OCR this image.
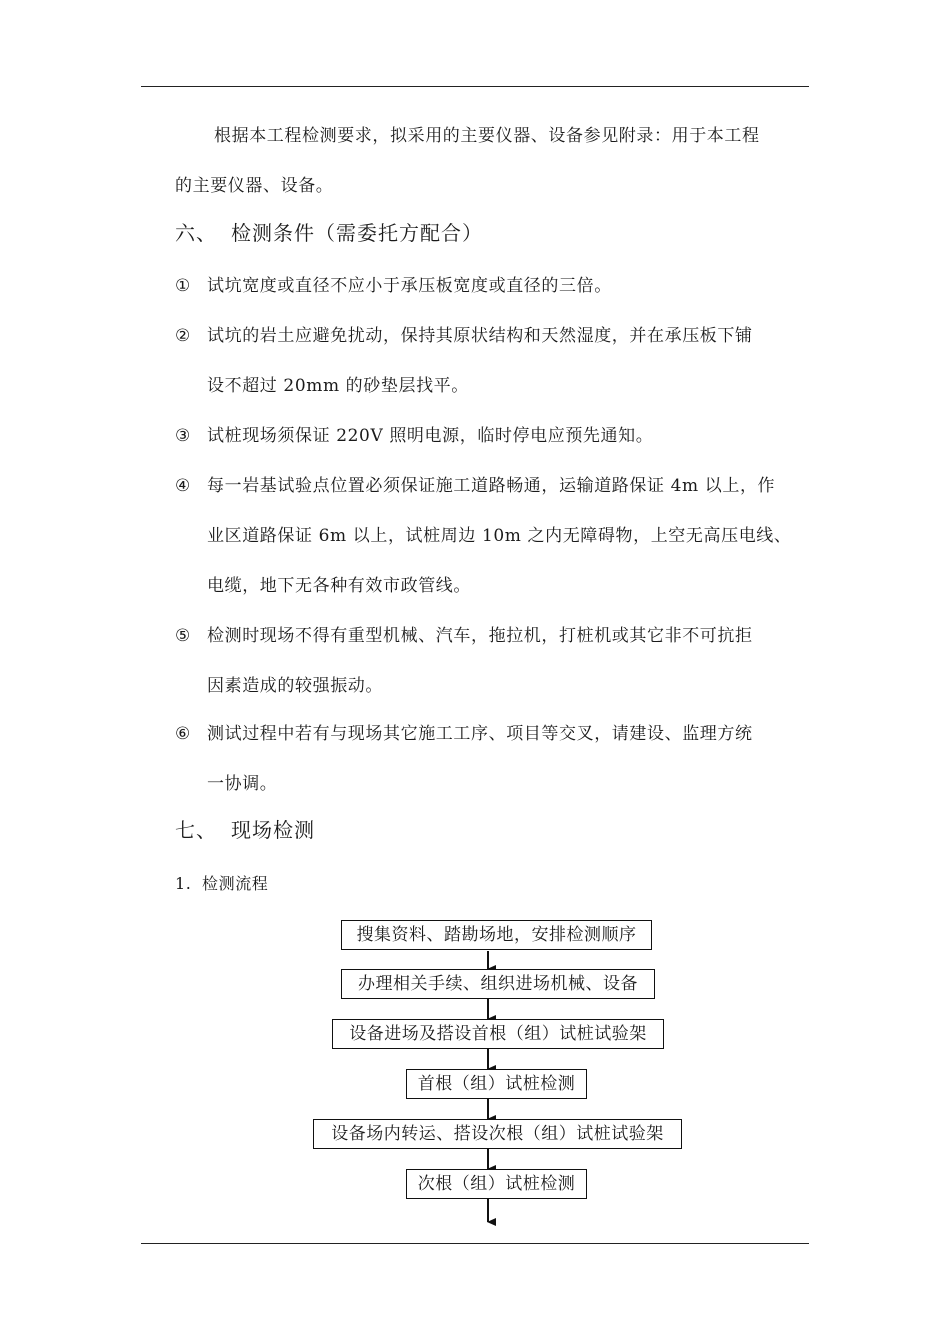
根据本工程检测要求，拟采用的主要仪器、设备参见附录：用于本工程
的主要仪器、设备。
六、 检测条件（需委托方配合）
① 试坑宽度或直径不应小于承压板宽度或直径的三倍。
② 试坑的岩土应避免扰动，保持其原状结构和天然湿度，并在承压板下铺
设不超过 20mm 的砂垫层找平。
③ 试桩现场须保证 220V 照明电源，临时停电应预先通知。
④ 每一岩基试验点位置必须保证施工道路畅通，运输道路保证 4m 以上，作
业区道路保证 6m 以上，试桩周边 10m 之内无障碍物，上空无高压电线、
电缆，地下无各种有效市政管线。
⑤ 检测时现场不得有重型机械、汽车，拖拉机，打桩机或其它非不可抗拒
因素造成的较强振动。
⑥ 测试过程中若有与现场其它施工工序、项目等交叉，请建设、监理方统
一协调。
七、 现场检测
1. 检测流程
搜集资料、踏勘场地，安排检测顺序
办理相关手续、组织进场机械、设备
设备进场及搭设首根（组）试桩试验架
首根（组）试桩检测
设备场内转运、搭设次根（组）试桩试验架
次根（组）试桩检测
